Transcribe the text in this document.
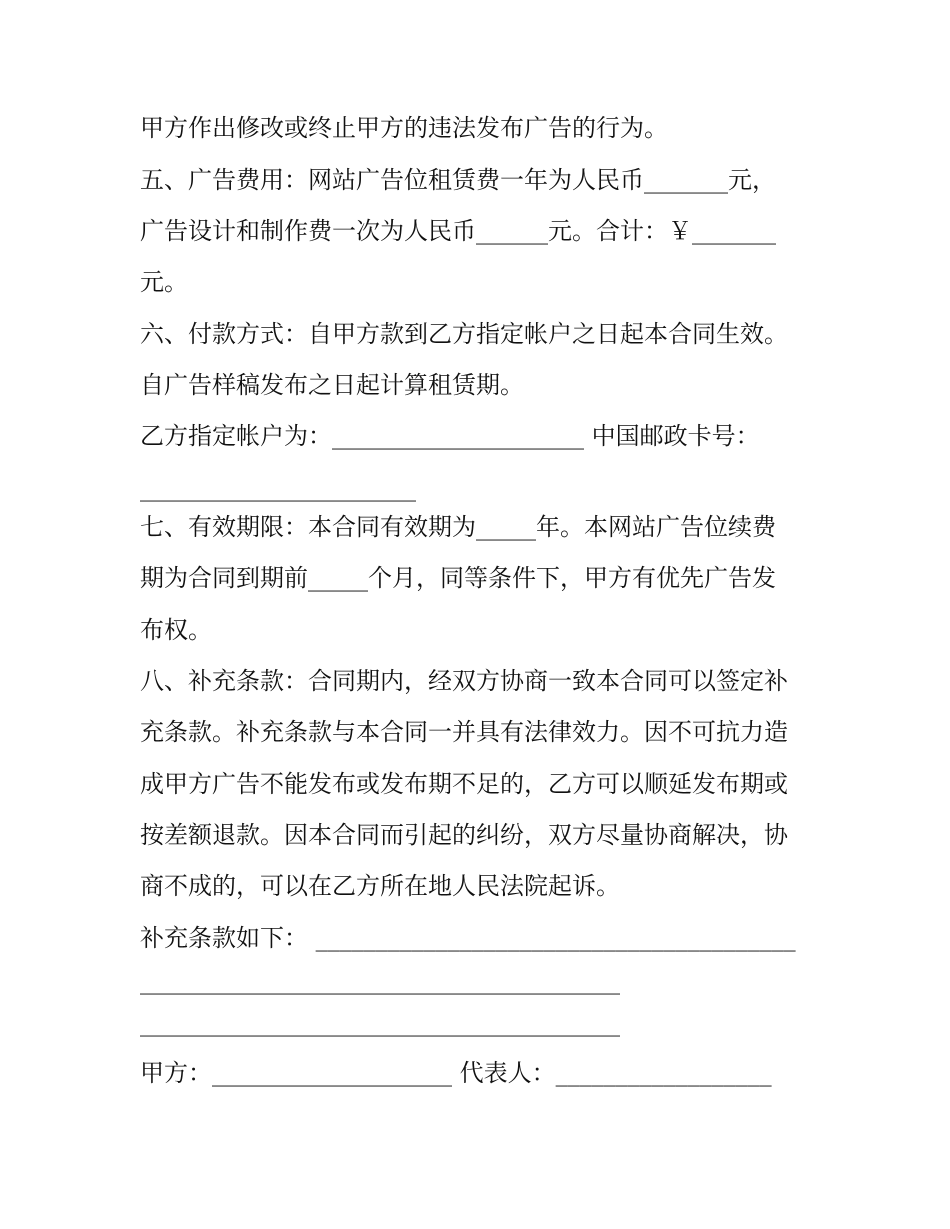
甲方作出修改或终止甲方的违法发布广告的行为。
五、广告费用：网站广告位租赁费一年为人民币_______元，
广告设计和制作费一次为人民币______元。合计：￥_______
元。
六、付款方式：自甲方款到乙方指定帐户之日起本合同生效。
自广告样稿发布之日起计算租赁期。
乙方指定帐户为：_____________________ 中国邮政卡号：
_______________________
七、有效期限：本合同有效期为_____年。本网站广告位续费
期为合同到期前_____个月，同等条件下，甲方有优先广告发
布权。
八、补充条款：合同期内，经双方协商一致本合同可以签定补
充条款。补充条款与本合同一并具有法律效力。因不可抗力造
成甲方广告不能发布或发布期不足的，乙方可以顺延发布期或
按差额退款。因本合同而引起的纠纷，双方尽量协商解决，协
商不成的，可以在乙方所在地人民法院起诉。
补充条款如下： ________________________________________
________________________________________
________________________________________
甲方：____________________ 代表人：__________________
